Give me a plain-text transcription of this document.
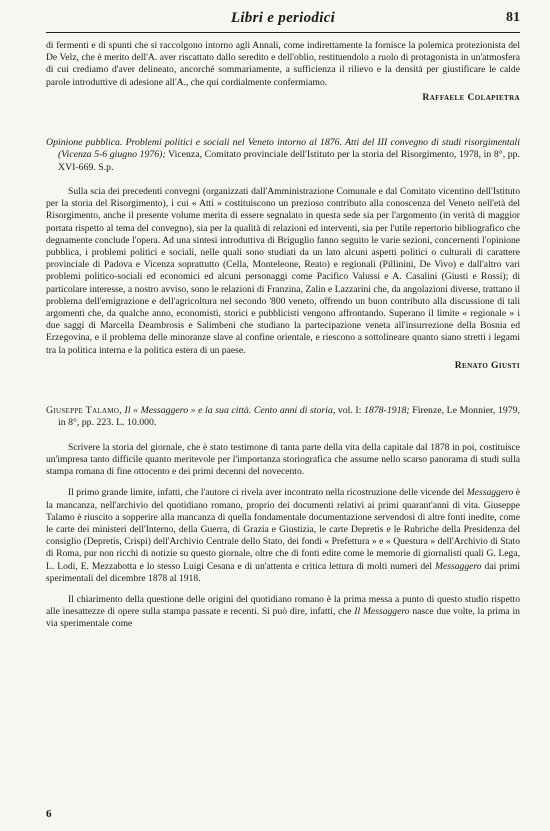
Libri e periodici	81

di fermenti e di spunti che si raccolgono intorno agli Annali, come indirettamente la fornisce la polemica protezionista del De Velz, che è merito dell'A. aver riscattato dallo seredito e dell'oblio, restituendolo a ruolo di protagonista in un'atmosfera di cui crediamo d'aver delineato, ancorché sommariamente, a sufficienza il rilievo e la densità per giustificare le calde parole introduttive di adesione all'A., che qui cordialmente confermiamo.

Raffaele Colapietra
Opinione pubblica. Problemi politici e sociali nel Veneto intorno al 1876. Atti del III convegno di studi risorgimentali (Vicenza 5-6 giugno 1976); Vicenza, Comitato provinciale dell'Istituto per la storia del Risorgimento, 1978, in 8°, pp. XVI-669. S.p.

Sulla scia dei precedenti convegni (organizzati dall'Amministrazione Comunale e dal Comitato vicentino dell'Istituto per la storia del Risorgimento), i cui « Atti » costituiscono un prezioso contributo alla conoscenza del Veneto nell'età del Risorgimento, anche il presente volume merita di essere segnalato in questa sede sia per l'argomento (in verità di maggior portata rispetto al tema del convegno), sia per la qualità di relazioni ed interventi, sia per l'utile repertorio bibliografico che degnamente conclude l'opera. Ad una sintesi introduttiva di Briguglio fanno seguito le varie sezioni, concernenti l'opinione pubblica, i problemi politici e sociali, nelle quali sono studiati da un lato alcuni aspetti politici o culturali di carattere provinciale di Padova e Vicenza soprattutto (Cella, Monteleone, Reato) e regionali (Pillinini, De Vivo) e dall'altro vari problemi politico-sociali ed economici ed alcuni personaggi come Pacifico Valussi e A. Casalini (Giusti e Rossi); di particolare interesse, a nostro avviso, sono le relazioni di Franzina, Zalin e Lazzarini che, da angolazioni diverse, trattano il problema dell'emigrazione e dell'agricoltura nel secondo '800 veneto, offrendo un buon contributo alla discussione di tali argomenti che, da qualche anno, economisti, storici e pubblicisti vengono affrontando. Superano il limite « regionale » i due saggi di Marcella Deambrosis e Salimbeni che studiano la partecipazione veneta all'insurrezione della Bosnia ed Erzegovina, e il problema delle minoranze slave al confine orientale, e riescono a sottolineare quanto siano stretti i legami tra la politica interna e la politica estera di un paese.

Renato Giusti
Giuseppe Talamo, Il « Messaggero » e la sua città. Cento anni di storia, vol. I: 1878-1918; Firenze, Le Monnier, 1979, in 8°, pp. 223. L. 10.000.

Scrivere la storia del giornale, che è stato testimone di tanta parte della vita della capitale dal 1878 in poi, costituisce un'impresa tanto difficile quanto meritevole per l'importanza storiografica che assume nello scarso panorama di studi sulla stampa romana di fine ottocento e dei primi decenni del novecento.

Il primo grande limite, infatti, che l'autore ci rivela aver incontrato nella ricostruzione delle vicende del Messaggero è la mancanza, nell'archivio del quotidiano romano, proprio dei documenti relativi ai primi quarant'anni di vita. Giuseppe Talamo è riuscito a sopperire alla mancanza di quella fondamentale documentazione servendosi di altre fonti inedite, come le carte dei ministeri dell'Interno, della Guerra, di Grazia e Giustizia, le carte Depretis e le Rubriche della Presidenza del consiglio (Depretis, Crispi) dell'Archivio Centrale dello Stato, dei fondi « Prefettura » e « Questura » dell'Archivio di Stato di Roma, pur non ricchi di notizie su questo giornale, oltre che di fonti edite come le memorie di giornalisti quali G. Lega, L. Lodi, E. Mezzabotta e lo stesso Luigi Cesana e di un'attenta e critica lettura di molti numeri del Messaggero dai primi sperimentali del dicembre 1878 al 1918.

Il chiarimento della questione delle origini del quotidiano romano è la prima messa a punto di questo studio rispetto alle inesattezze di opere sulla stampa passate e recenti. Si può dire, infatti, che Il Messaggero nasce due volte, la prima in via sperimentale come

6
